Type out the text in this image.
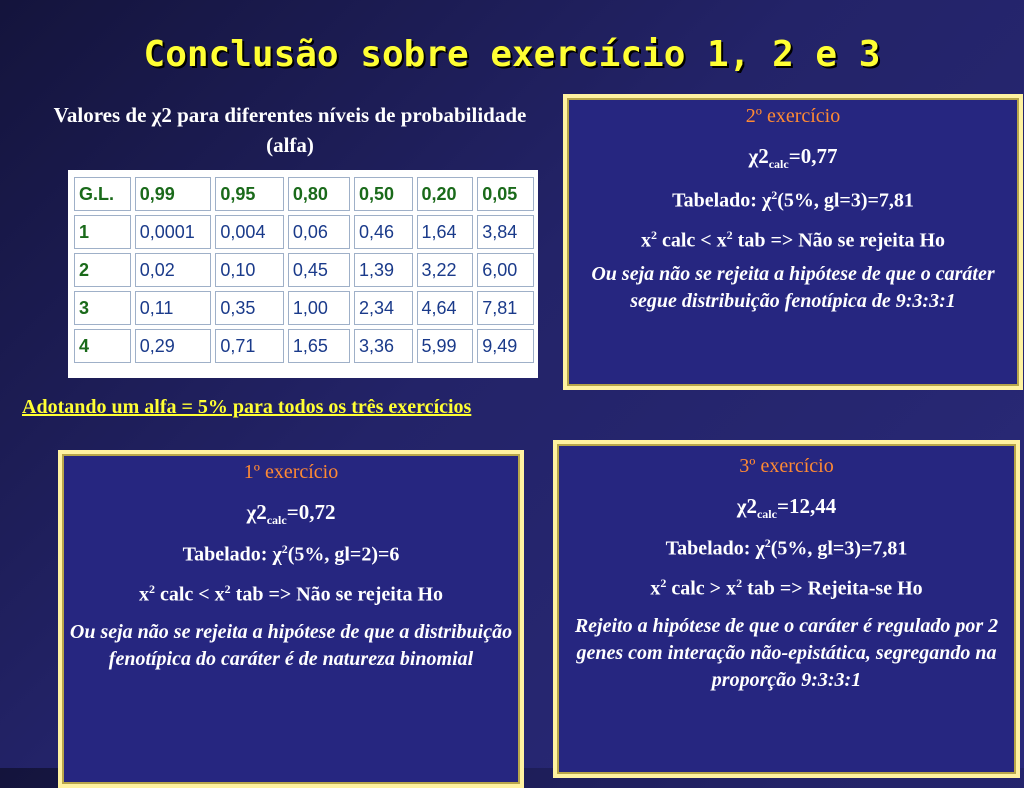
Conclusão sobre exercício 1, 2 e 3
Valores de χ2 para diferentes níveis de probabilidade (alfa)
G.L.	0,99	0,95	0,80	0,50	0,20	0,05
1	0,0001	0,004	0,06	0,46	1,64	3,84
2	0,02	0,10	0,45	1,39	3,22	6,00
3	0,11	0,35	1,00	2,34	4,64	7,81
4	0,29	0,71	1,65	3,36	5,99	9,49
Adotando um alfa = 5% para todos os três exercícios

2º exercício

$\chi 2_{calc}=0,77$

Tabelado: $\chi^2(5\%$, gl=3)=7,81

$x^2$ calc < $x^2$ tab => Não se rejeita Ho

Ou seja não se rejeita a hipótese de que o caráter segue distribuição fenotípica de 9:3:3:1

1º exercício

$\chi 2_{calc}=0,72$

Tabelado: $\chi^2(5\%$, gl=2)=6

$x^2$ calc < $x^2$ tab => Não se rejeita Ho

Ou seja não se rejeita a hipótese de que a distribuição fenotípica do caráter é de natureza binomial

3º exercício

$\chi 2_{calc}=12,44$

Tabelado: $\chi^2(5\%$, gl=3)=7,81

$x^2$ calc > $x^2$ tab => Rejeita-se Ho

Rejeito a hipótese de que o caráter é regulado por 2 genes com interação não-epistática, segregando na proporção 9:3:3:1
